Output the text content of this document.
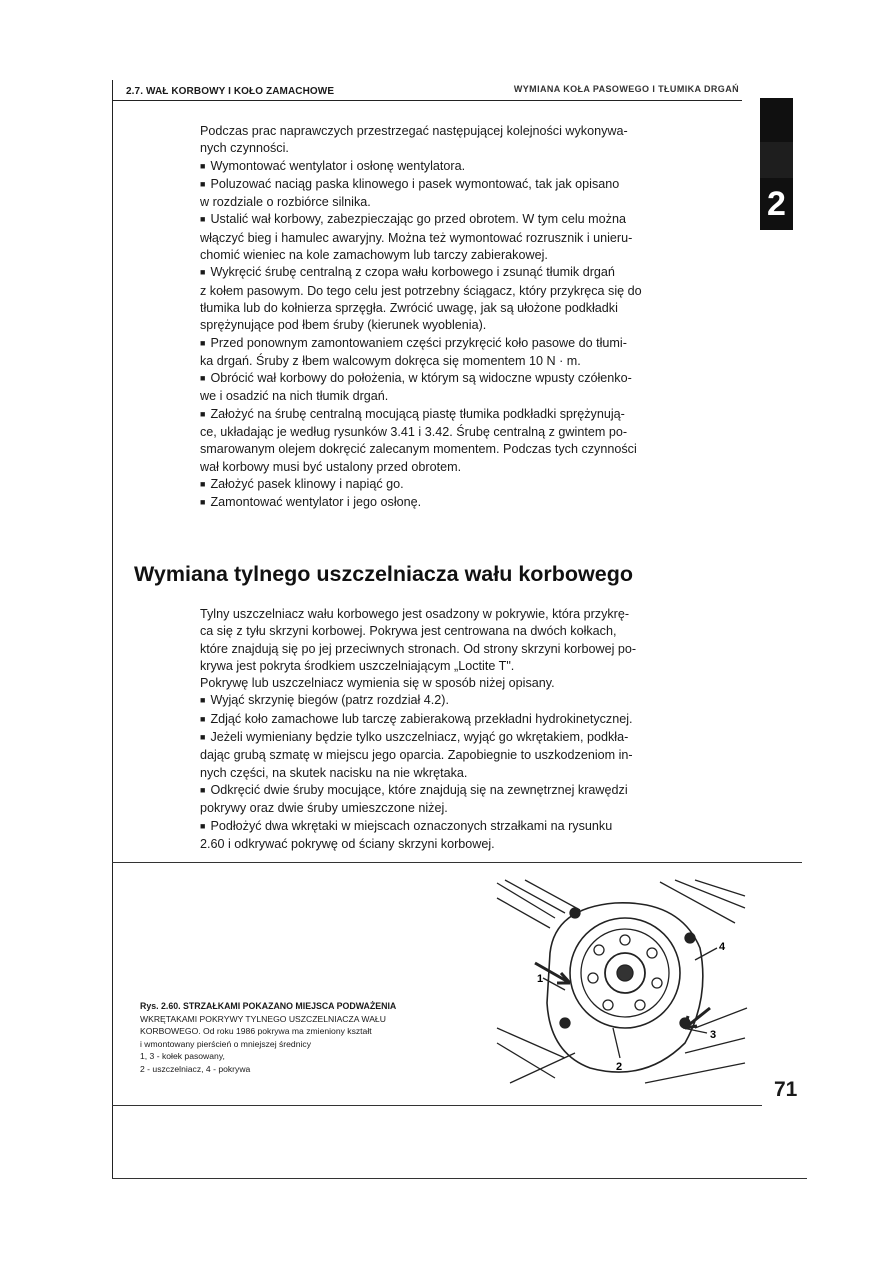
2.7. WAŁ KORBOWY I KOŁO ZAMACHOWE	WYMIANA KOŁA PASOWEGO I TŁUMIKA DRGAŃ
2

Podczas prac naprawczych przestrzegać następującej kolejności wykonywa-

nych czynności.

■ Wymontować wentylator i osłonę wentylatora.

■ Poluzować naciąg paska klinowego i pasek wymontować, tak jak opisano

w rozdziale o rozbiórce silnika.

■ Ustalić wał korbowy, zabezpieczając go przed obrotem. W tym celu można

włączyć bieg i hamulec awaryjny. Można też wymontować rozrusznik i unieru-

chomić wieniec na kole zamachowym lub tarczy zabierakowej.

■ Wykręcić śrubę centralną z czopa wału korbowego i zsunąć tłumik drgań

z kołem pasowym. Do tego celu jest potrzebny ściągacz, który przykręca się do

tłumika lub do kołnierza sprzęgła. Zwrócić uwagę, jak są ułożone podkładki

sprężynujące pod łbem śruby (kierunek wyoblenia).

■ Przed ponownym zamontowaniem części przykręcić koło pasowe do tłumi-

ka drgań. Śruby z łbem walcowym dokręca się momentem 10 N · m.

■ Obrócić wał korbowy do położenia, w którym są widoczne wpusty czółenko-

we i osadzić na nich tłumik drgań.

■ Założyć na śrubę centralną mocującą piastę tłumika podkładki sprężynują-

ce, układając je według rysunków 3.41 i 3.42. Śrubę centralną z gwintem po-

smarowanym olejem dokręcić zalecanym momentem. Podczas tych czynności

wał korbowy musi być ustalony przed obrotem.

■ Założyć pasek klinowy i napiąć go.

■ Zamontować wentylator i jego osłonę.

Wymiana tylnego uszczelniacza wału korbowego

Tylny uszczelniacz wału korbowego jest osadzony w pokrywie, która przykrę-

ca się z tyłu skrzyni korbowej. Pokrywa jest centrowana na dwóch kołkach,

które znajdują się po jej przeciwnych stronach. Od strony skrzyni korbowej po-

krywa jest pokryta środkiem uszczelniającym „Loctite T".

Pokrywę lub uszczelniacz wymienia się w sposób niżej opisany.

■ Wyjąć skrzynię biegów (patrz rozdział 4.2).

■ Zdjąć koło zamachowe lub tarczę zabierakową przekładni hydrokinetycznej.

■ Jeżeli wymieniany będzie tylko uszczelniacz, wyjąć go wkrętakiem, podkła-

dając grubą szmatę w miejscu jego oparcia. Zapobiegnie to uszkodzeniom in-

nych części, na skutek nacisku na nie wkrętaka.

■ Odkręcić dwie śruby mocujące, które znajdują się na zewnętrznej krawędzi

pokrywy oraz dwie śruby umieszczone niżej.

■ Podłożyć dwa wkrętaki w miejscach oznaczonych strzałkami na rysunku

2.60 i odkrywać pokrywę od ściany skrzyni korbowej.

1
2
3
4

Rys. 2.60. STRZAŁKAMI POKAZANO MIEJSCA PODWAŻENIA

WKRĘTAKAMI POKRYWY TYLNEGO USZCZELNIACZA WAŁU

KORBOWEGO. Od roku 1986 pokrywa ma zmieniony kształt

i wmontowany pierścień o mniejszej średnicy

1, 3 - kołek pasowany,

2 - uszczelniacz, 4 - pokrywa

71
